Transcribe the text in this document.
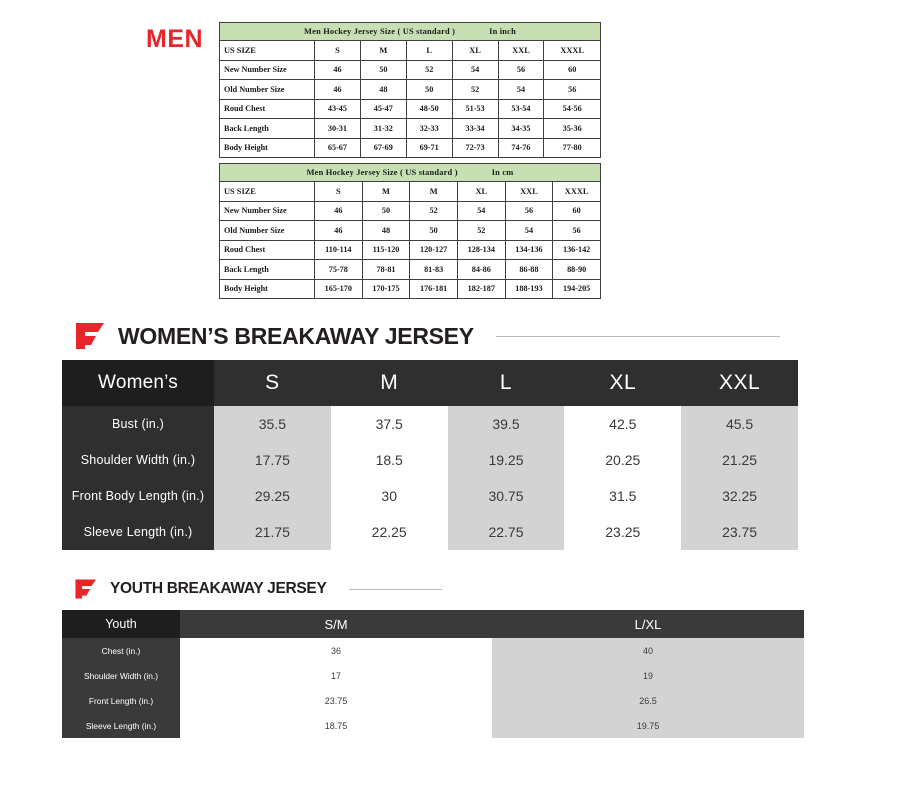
MEN	Men Hockey Jersey Size ( US standard ) In inch						

US SIZE	S	M	L	XL	XXL	XXXL
New Number Size	46	50	52	54	56	60
Old Number Size	46	48	50	52	54	56
Roud Chest	43-45	45-47	48-50	51-53	53-54	54-56
Back Length	30-31	31-32	32-33	33-34	34-35	35-36
Body Height	65-67	67-69	69-71	72-73	74-76	77-80
Men Hockey Jersey Size ( US standard ) In cm						

US SIZE	S	M	M	XL	XXL	XXXL
New Number Size	46	50	52	54	56	60
Old Number Size	46	48	50	52	54	56
Roud Chest	110-114	115-120	120-127	128-134	134-136	136-142
Back Length	75-78	78-81	81-83	84-86	86-88	88-90
Body Height	165-170	170-175	176-181	182-187	188-193	194-205
WOMEN’S BREAKAWAY JERSEY
Women’s	S	M	L	XL	XXL
Bust (in.)	35.5	37.5	39.5	42.5	45.5
Shoulder Width (in.)	17.75	18.5	19.25	20.25	21.25
Front Body Length (in.)	29.25	30	30.75	31.5	32.25
Sleeve Length (in.)	21.75	22.25	22.75	23.25	23.75
YOUTH BREAKAWAY JERSEY
Youth	S/M	L/XL
Chest (in.)	36	40
Shoulder Width (in.)	17	19
Front Length (in.)	23.75	26.5
Sleeve Length (in.)	18.75	19.75
